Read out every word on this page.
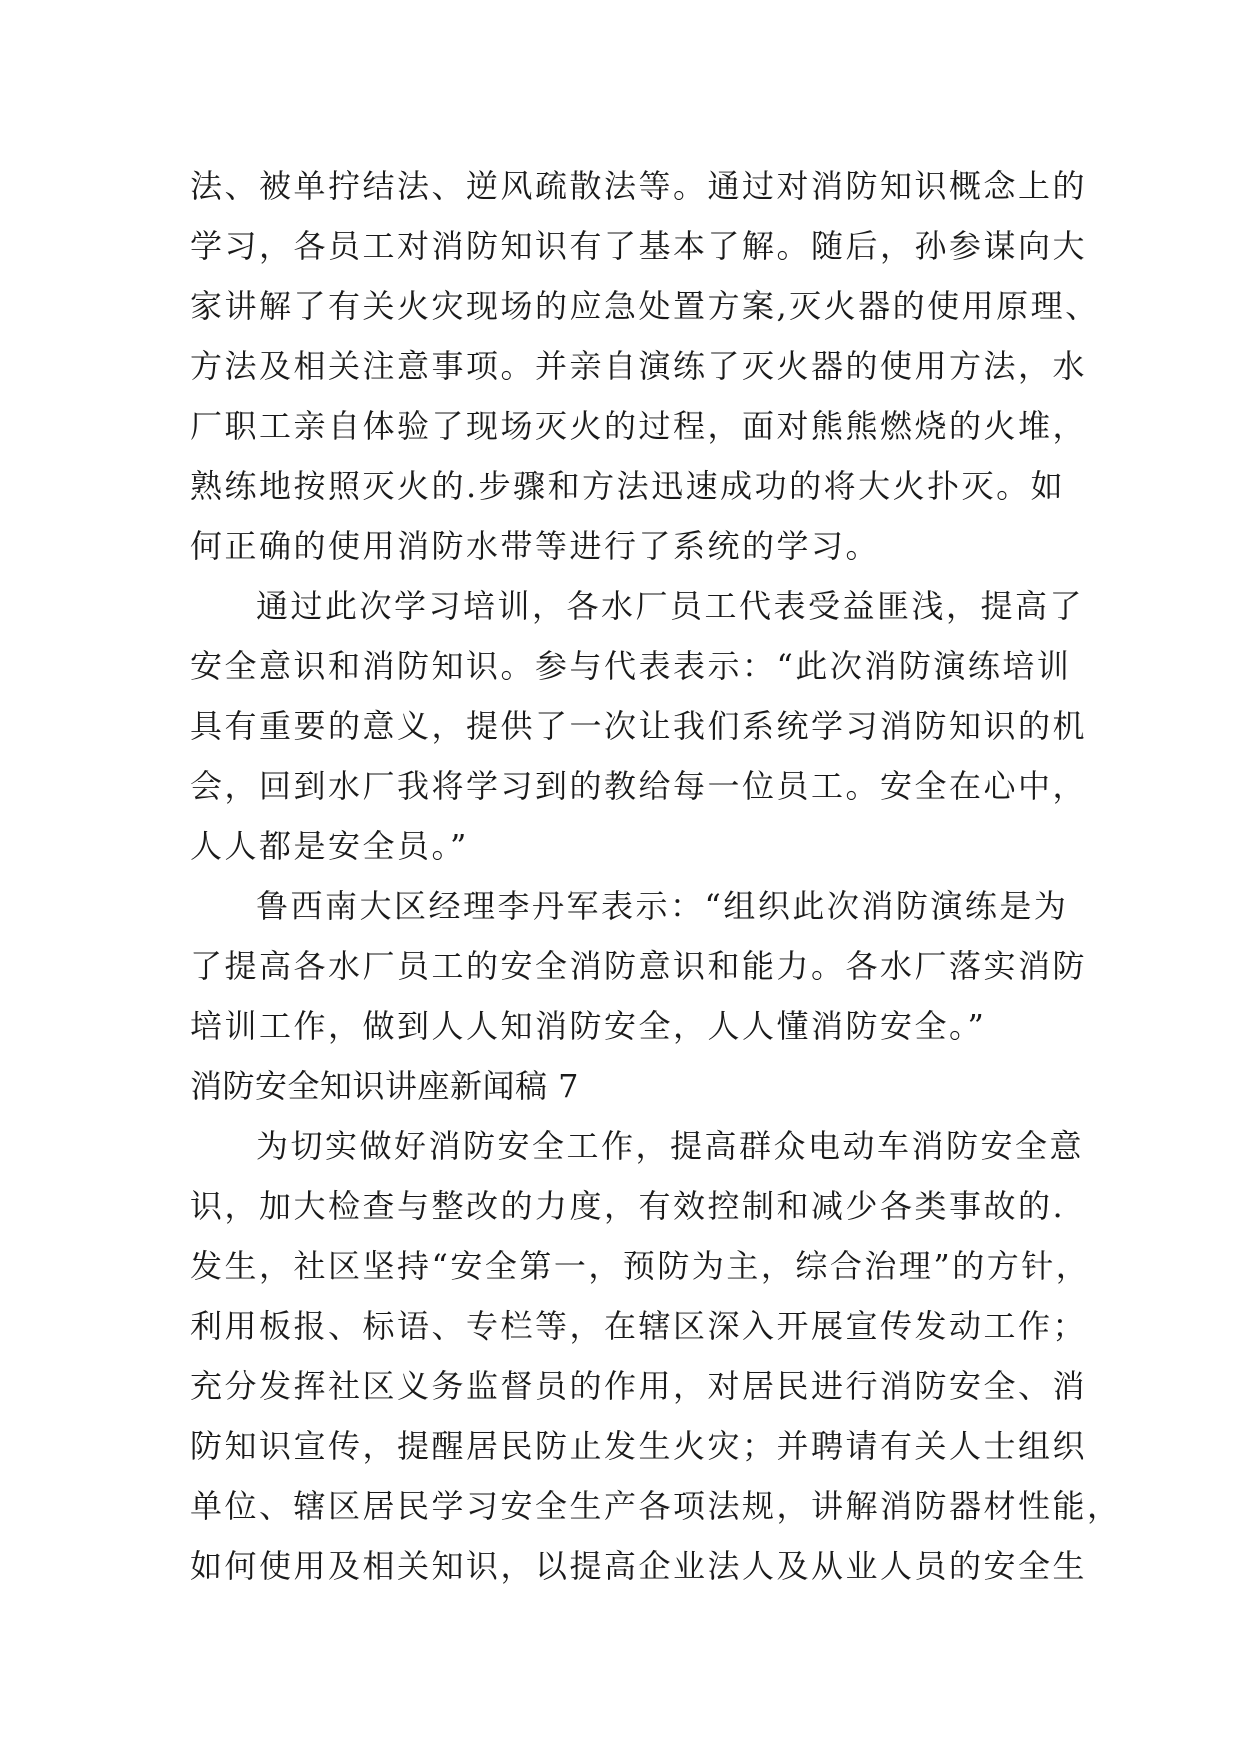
法、被单拧结法、逆风疏散法等。通过对消防知识概念上的
学习，各员工对消防知识有了基本了解。随后，孙参谋向大
家讲解了有关火灾现场的应急处置方案,灭火器的使用原理、
方法及相关注意事项。并亲自演练了灭火器的使用方法，水
厂职工亲自体验了现场灭火的过程，面对熊熊燃烧的火堆，
熟练地按照灭火的.步骤和方法迅速成功的将大火扑灭。如
何正确的使用消防水带等进行了系统的学习。
通过此次学习培训，各水厂员工代表受益匪浅，提高了
安全意识和消防知识。参与代表表示：“此次消防演练培训
具有重要的意义，提供了一次让我们系统学习消防知识的机
会，回到水厂我将学习到的教给每一位员工。安全在心中，
人人都是安全员。”
鲁西南大区经理李丹军表示：“组织此次消防演练是为
了提高各水厂员工的安全消防意识和能力。各水厂落实消防
培训工作，做到人人知消防安全，人人懂消防安全。”
消防安全知识讲座新闻稿 7
为切实做好消防安全工作，提高群众电动车消防安全意
识，加大检查与整改的力度，有效控制和减少各类事故的.
发生，社区坚持“安全第一，预防为主，综合治理”的方针，
利用板报、标语、专栏等，在辖区深入开展宣传发动工作；
充分发挥社区义务监督员的作用，对居民进行消防安全、消
防知识宣传，提醒居民防止发生火灾；并聘请有关人士组织
单位、辖区居民学习安全生产各项法规，讲解消防器材性能，
如何使用及相关知识，以提高企业法人及从业人员的安全生
